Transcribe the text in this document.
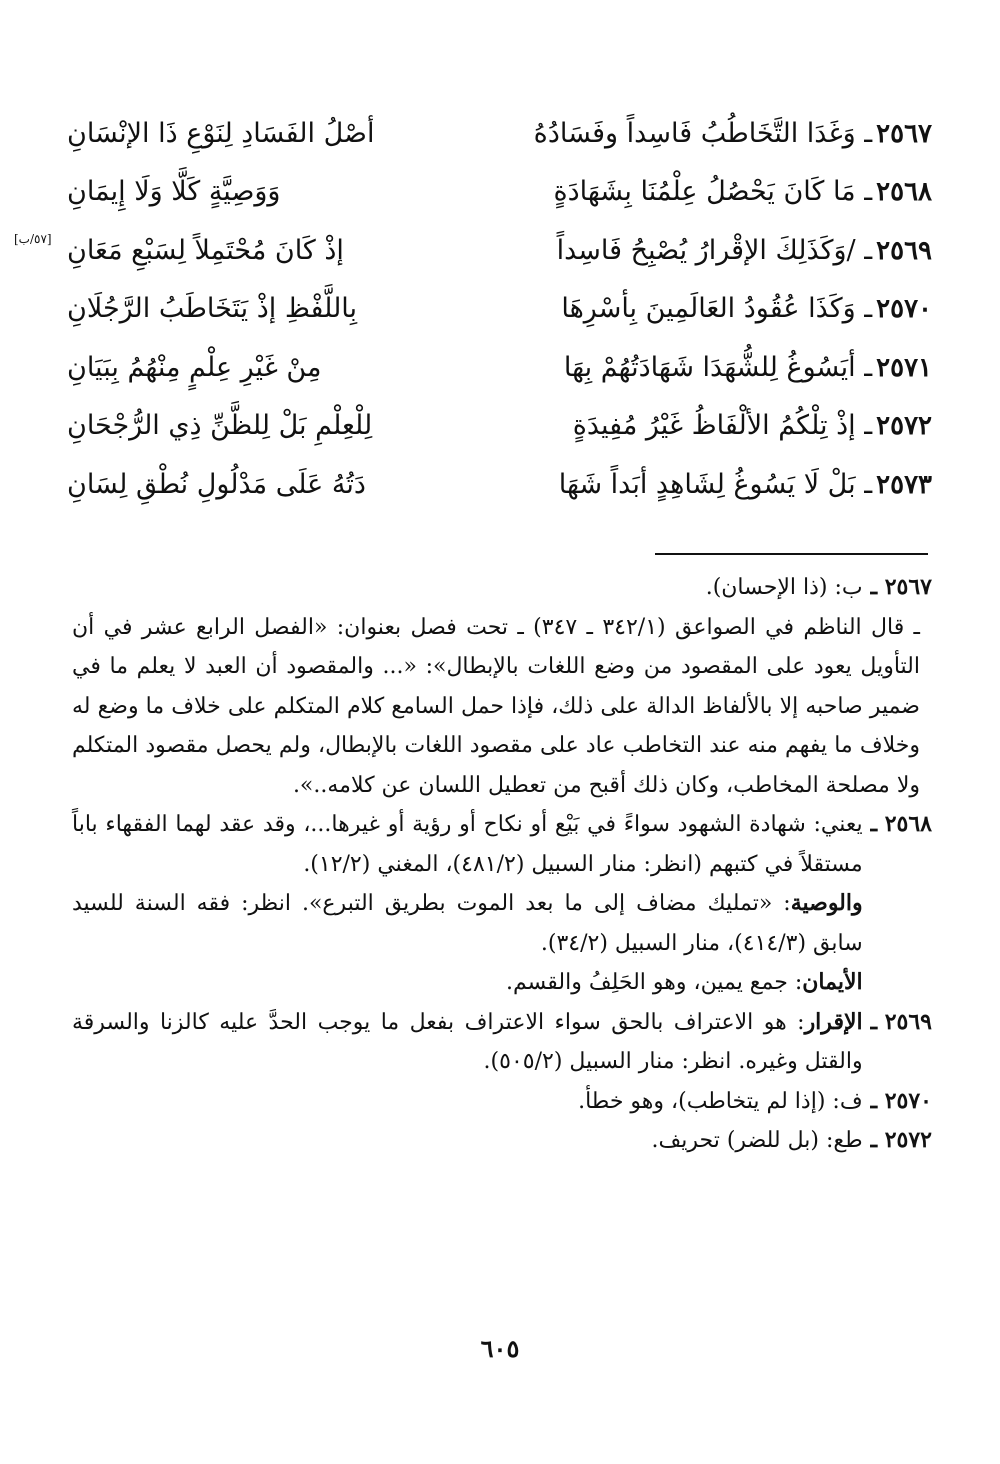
٢٥٦٧ـ وَغَدَا التَّخَاطُبُ فَاسِداً وفَسَادُهُ
أصْلُ الفَسَادِ لِنَوْعِ ذَا الإنْسَانِ
٢٥٦٨ـ مَا كَانَ يَحْصُلُ عِلْمُنَا بِشَهَادَةٍ
وَوَصِيَّةٍ كَلَّا وَلَا إِيمَانِ
٢٥٦٩ـ /وَكَذَلِكَ الإقْرارُ يُصْبِحُ فَاسِداً
إذْ كَانَ مُحْتَمِلاً لِسَبْعِ مَعَانِ
[٥٧/ب]
٢٥٧٠ـ وَكَذَا عُقُودُ العَالَمِينَ بِأسْرِهَا
بِاللَّفْظِ إذْ يَتَخَاطَبُ الرَّجُلَانِ
٢٥٧١ـ أيَسُوغُ لِلشُّهَدَا شَهَادَتُهُمْ بِهَا
مِنْ غَيْرِ عِلْمٍ مِنْهُمُ بِبَيَانِ
٢٥٧٢ـ إذْ تِلْكُمُ الألْفَاظُ غَيْرُ مُفِيدَةٍ
لِلْعِلْمِ بَلْ لِلظَّنِّ ذِي الرُّجْحَانِ
٢٥٧٣ـ بَلْ لَا يَسُوغُ لِشَاهِدٍ أبَداً شَهَا
دَتُهُ عَلَى مَدْلُولِ نُطْقِ لِسَانِ
٢٥٦٧ ـ

ب: (ذا الإحسان).

ـ قال الناظم في الصواعق (٣٤٢/١ ـ ٣٤٧) ـ تحت فصل بعنوان: «الفصل الرابع عشر في أن التأويل يعود على المقصود من وضع اللغات بالإبطال»: «... والمقصود أن العبد لا يعلم ما في ضمير صاحبه إلا بالألفاظ الدالة على ذلك، فإذا حمل السامع كلام المتكلم على خلاف ما وضع له وخلاف ما يفهم منه عند التخاطب عاد على مقصود اللغات بالإبطال، ولم يحصل مقصود المتكلم ولا مصلحة المخاطب، وكان ذلك أقبح من تعطيل اللسان عن كلامه..».

٢٥٦٨ ـ

يعني: شهادة الشهود سواءً في بَيْع أو نكاح أو رؤية أو غيرها...، وقد عقد لهما الفقهاء باباً مستقلاً في كتبهم (انظر: منار السبيل (٤٨١/٢)، المغني (١٢/٢).

والوصية: «تمليك مضاف إلى ما بعد الموت بطريق التبرع». انظر: فقه السنة للسيد سابق (٤١٤/٣)، منار السبيل (٣٤/٢).

الأيمان: جمع يمين، وهو الحَلِفُ والقسم.

٢٥٦٩ ـ

الإقرار: هو الاعتراف بالحق سواء الاعتراف بفعل ما يوجب الحدَّ عليه كالزنا والسرقة والقتل وغيره. انظر: منار السبيل (٥٠٥/٢).

٢٥٧٠ ـ

ف: (إذا لم يتخاطب)، وهو خطأ.

٢٥٧٢ ـ

طع: (بل للضر) تحريف.

٦٠٥
